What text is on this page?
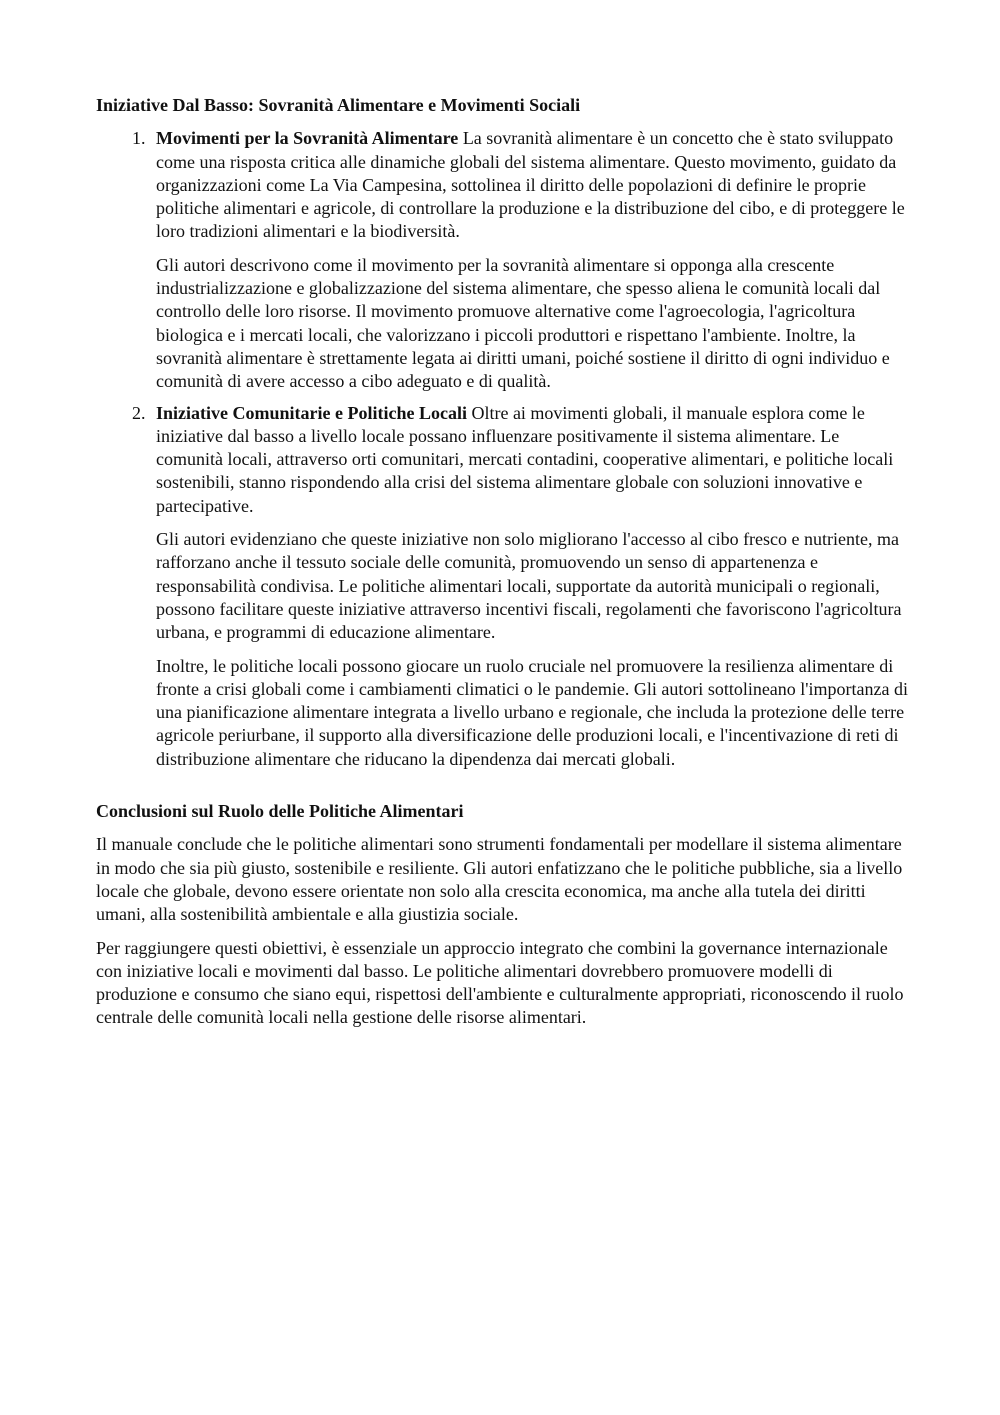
Iniziative Dal Basso: Sovranità Alimentare e Movimenti Sociali
1. Movimenti per la Sovranità Alimentare La sovranità alimentare è un concetto che è stato sviluppato come una risposta critica alle dinamiche globali del sistema alimentare. Questo movimento, guidato da organizzazioni come La Via Campesina, sottolinea il diritto delle popolazioni di definire le proprie politiche alimentari e agricole, di controllare la produzione e la distribuzione del cibo, e di proteggere le loro tradizioni alimentari e la biodiversità.

Gli autori descrivono come il movimento per la sovranità alimentare si opponga alla crescente industrializzazione e globalizzazione del sistema alimentare, che spesso aliena le comunità locali dal controllo delle loro risorse. Il movimento promuove alternative come l'agroecologia, l'agricoltura biologica e i mercati locali, che valorizzano i piccoli produttori e rispettano l'ambiente. Inoltre, la sovranità alimentare è strettamente legata ai diritti umani, poiché sostiene il diritto di ogni individuo e comunità di avere accesso a cibo adeguato e di qualità.

2. Iniziative Comunitarie e Politiche Locali Oltre ai movimenti globali, il manuale esplora come le iniziative dal basso a livello locale possano influenzare positivamente il sistema alimentare. Le comunità locali, attraverso orti comunitari, mercati contadini, cooperative alimentari, e politiche locali sostenibili, stanno rispondendo alla crisi del sistema alimentare globale con soluzioni innovative e partecipative.

Gli autori evidenziano che queste iniziative non solo migliorano l'accesso al cibo fresco e nutriente, ma rafforzano anche il tessuto sociale delle comunità, promuovendo un senso di appartenenza e responsabilità condivisa. Le politiche alimentari locali, supportate da autorità municipali o regionali, possono facilitare queste iniziative attraverso incentivi fiscali, regolamenti che favoriscono l'agricoltura urbana, e programmi di educazione alimentare.

Inoltre, le politiche locali possono giocare un ruolo cruciale nel promuovere la resilienza alimentare di fronte a crisi globali come i cambiamenti climatici o le pandemie. Gli autori sottolineano l'importanza di una pianificazione alimentare integrata a livello urbano e regionale, che includa la protezione delle terre agricole periurbane, il supporto alla diversificazione delle produzioni locali, e l'incentivazione di reti di distribuzione alimentare che riducano la dipendenza dai mercati globali.

Conclusioni sul Ruolo delle Politiche Alimentari

Il manuale conclude che le politiche alimentari sono strumenti fondamentali per modellare il sistema alimentare in modo che sia più giusto, sostenibile e resiliente. Gli autori enfatizzano che le politiche pubbliche, sia a livello locale che globale, devono essere orientate non solo alla crescita economica, ma anche alla tutela dei diritti umani, alla sostenibilità ambientale e alla giustizia sociale.

Per raggiungere questi obiettivi, è essenziale un approccio integrato che combini la governance internazionale con iniziative locali e movimenti dal basso. Le politiche alimentari dovrebbero promuovere modelli di produzione e consumo che siano equi, rispettosi dell'ambiente e culturalmente appropriati, riconoscendo il ruolo centrale delle comunità locali nella gestione delle risorse alimentari.
